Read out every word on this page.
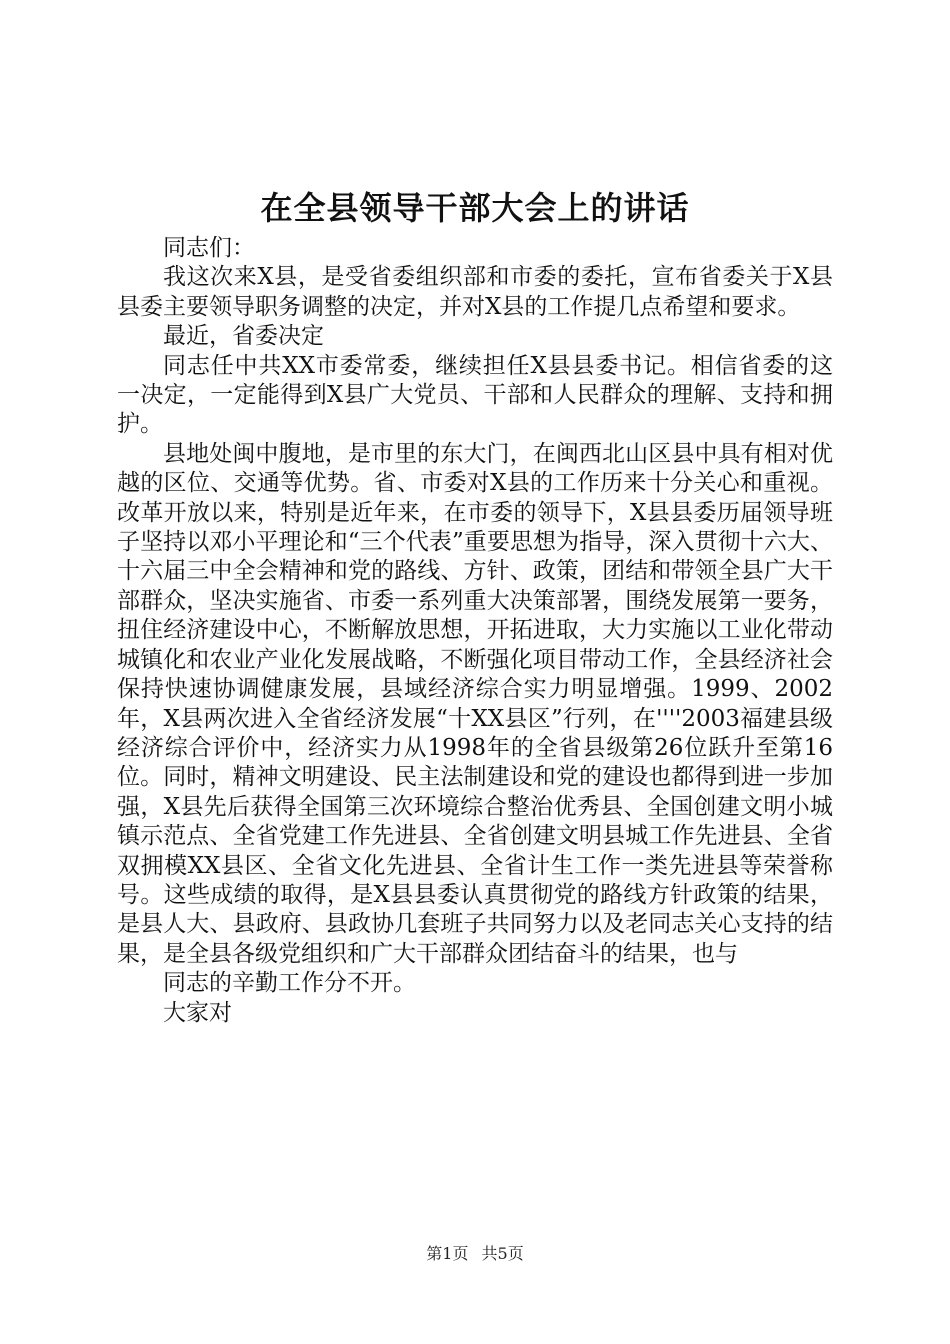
在全县领导干部大会上的讲话

同志们：

我这次来X县，是受省委组织部和市委的委托，宣布省委关于X县县委主要领导职务调整的决定，并对X县的工作提几点希望和要求。

最近，省委决定

同志任中共XX市委常委，继续担任X县县委书记。相信省委的这一决定，一定能得到X县广大党员、干部和人民群众的理解、支持和拥护。

县地处闽中腹地，是市里的东大门，在闽西北山区县中具有相对优越的区位、交通等优势。省、市委对X县的工作历来十分关心和重视。改革开放以来，特别是近年来，在市委的领导下，X县县委历届领导班子坚持以邓小平理论和“三个代表”重要思想为指导，深入贯彻十六大、十六届三中全会精神和党的路线、方针、政策，团结和带领全县广大干部群众，坚决实施省、市委一系列重大决策部署，围绕发展第一要务，扭住经济建设中心，不断解放思想，开拓进取，大力实施以工业化带动城镇化和农业产业化发展战略，不断强化项目带动工作，全县经济社会保持快速协调健康发展，县域经济综合实力明显增强。1999、2002年，X县两次进入全省经济发展“十XX县区”行列，在''''2003福建县级经济综合评价中，经济实力从1998年的全省县级第26位跃升至第16位。同时，精神文明建设、民主法制建设和党的建设也都得到进一步加强，X县先后获得全国第三次环境综合整治优秀县、全国创建文明小城镇示范点、全省党建工作先进县、全省创建文明县城工作先进县、全省双拥模XX县区、全省文化先进县、全省计生工作一类先进县等荣誉称号。这些成绩的取得，是X县县委认真贯彻党的路线方针政策的结果，是县人大、县政府、县政协几套班子共同努力以及老同志关心支持的结果，是全县各级党组织和广大干部群众团结奋斗的结果，也与

同志的辛勤工作分不开。

大家对

第1页 共5页
